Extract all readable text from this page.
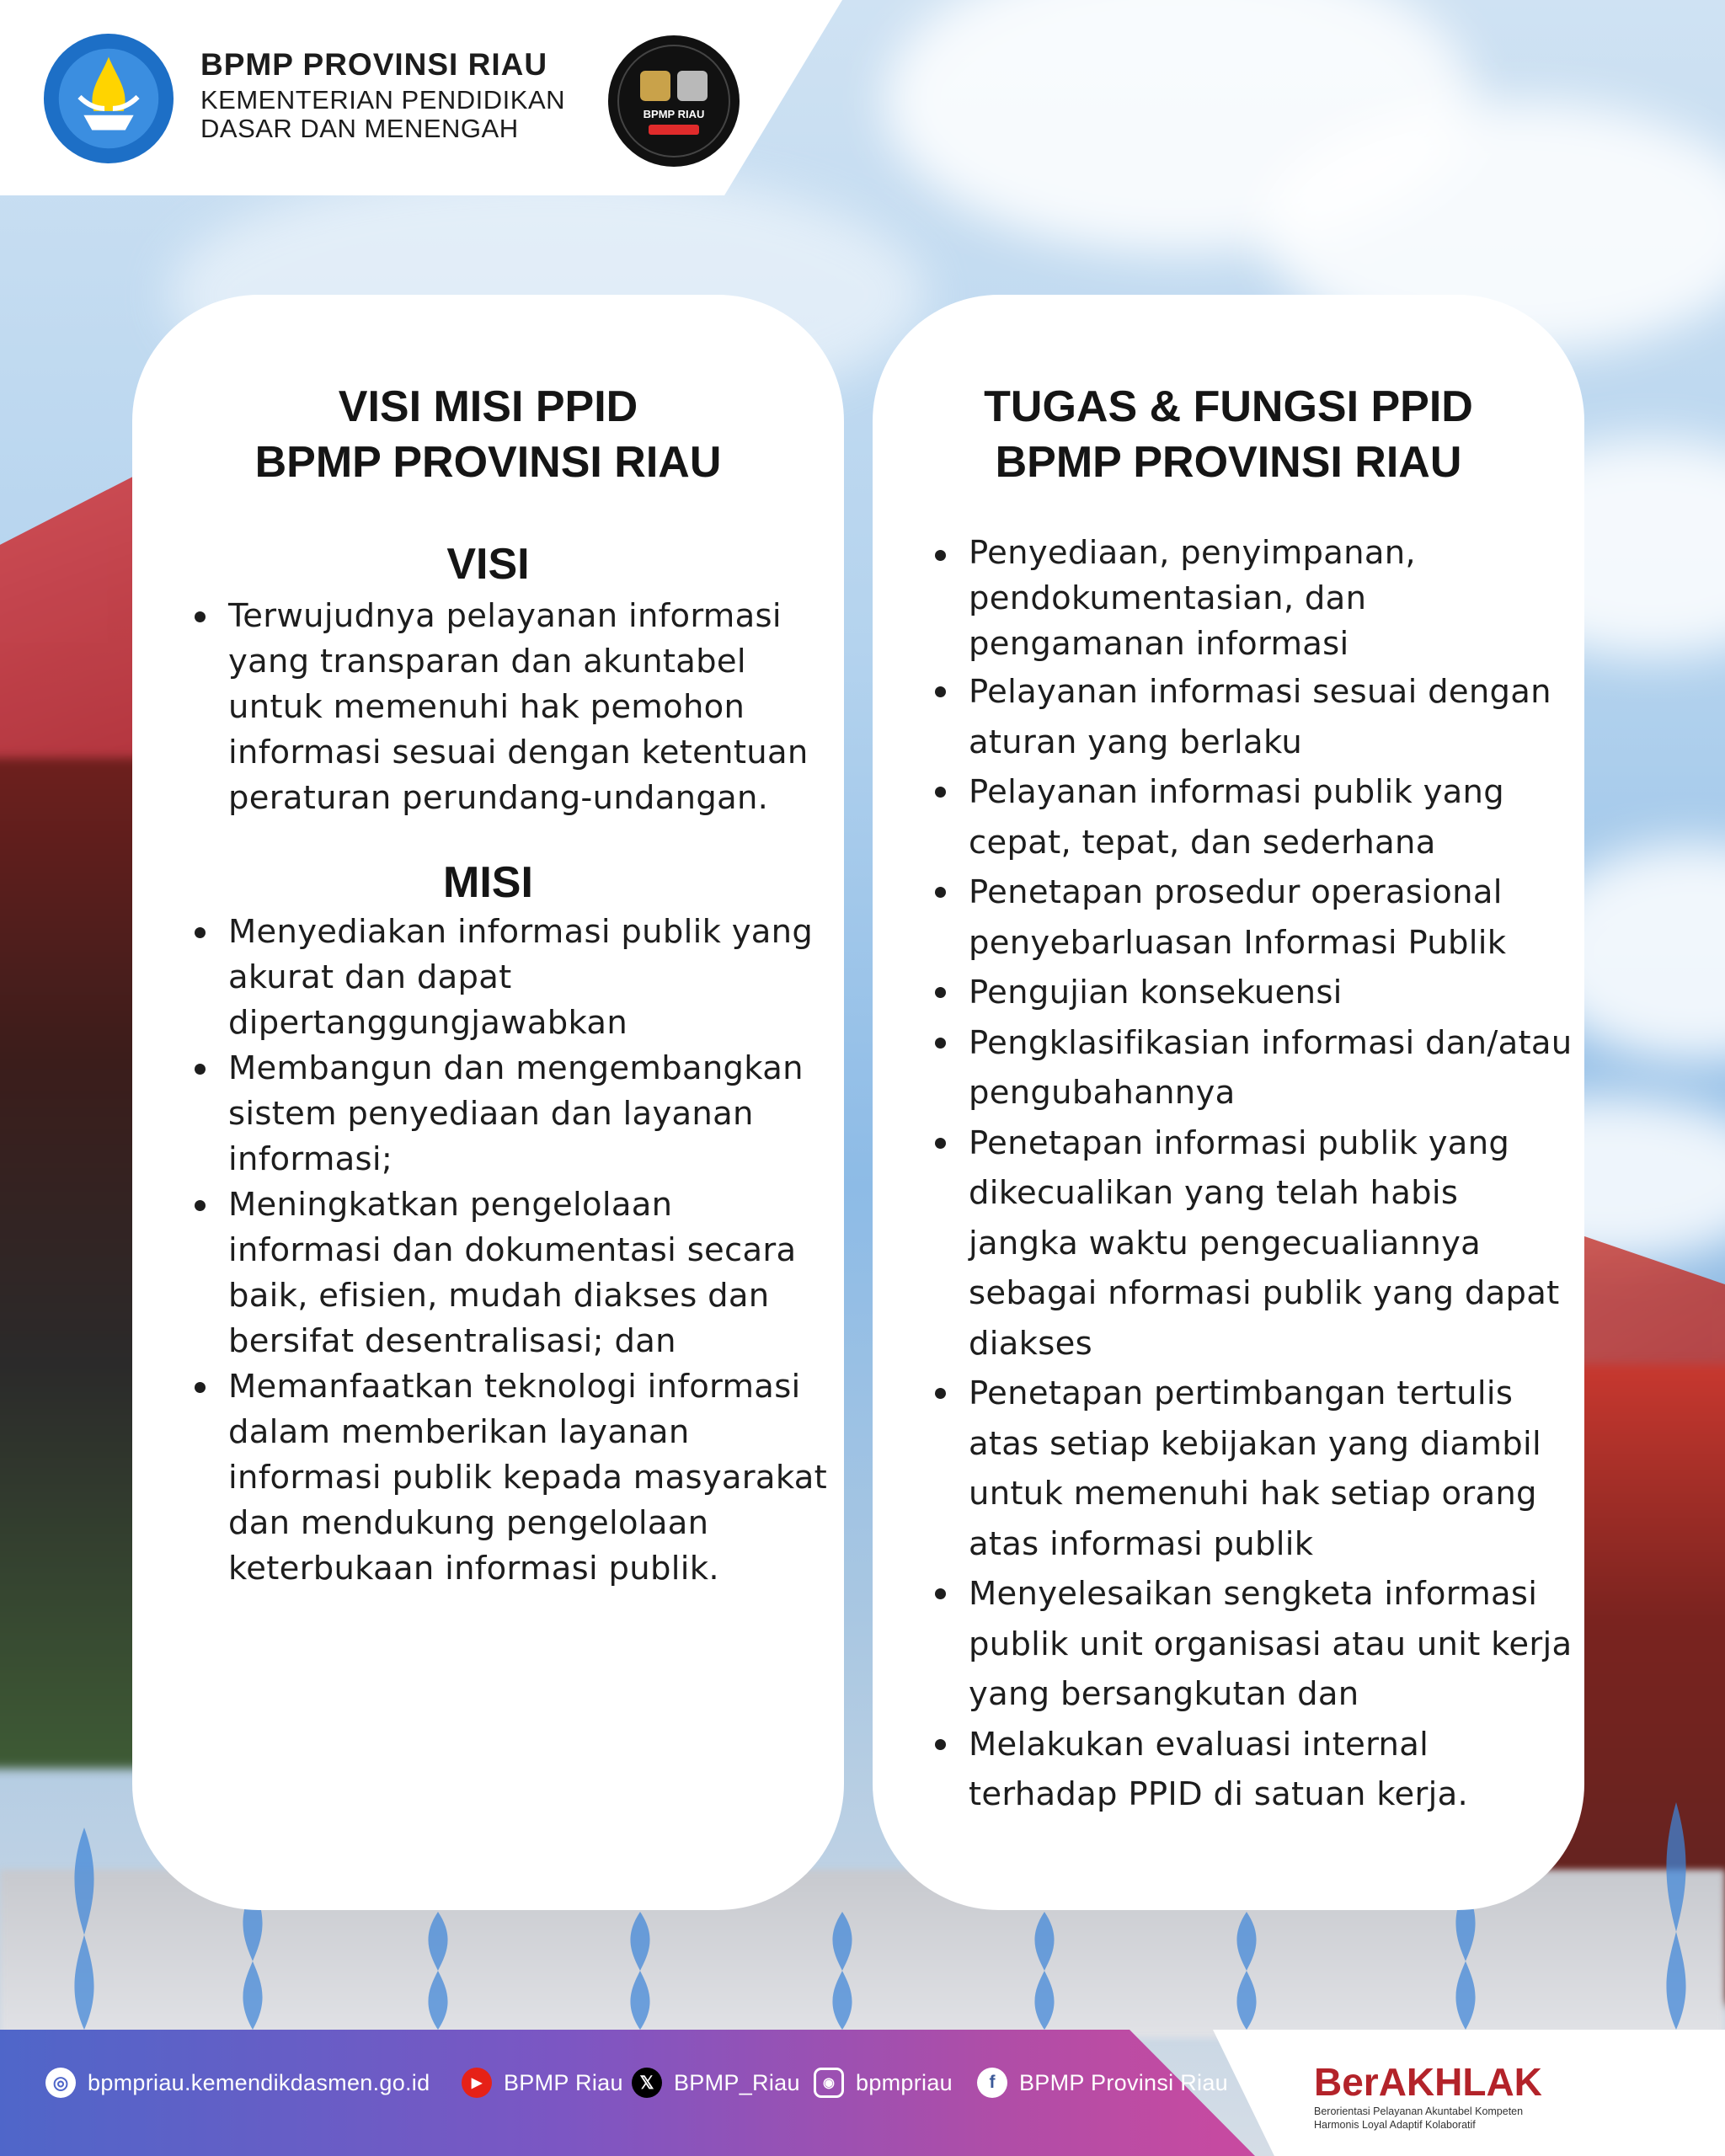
BPMP PROVINSI RIAU
KEMENTERIAN PENDIDIKAN
DASAR DAN MENENGAH	BPMP RIAU
VISI MISI PPID
BPMP PROVINSI RIAU
VISI
Terwujudnya pelayanan informasi yang transparan dan akuntabel untuk memenuhi hak pemohon informasi sesuai dengan ketentuan peraturan perundang-undangan.
MISI
Menyediakan informasi publik yang akurat dan dapat dipertanggungjawabkan
Membangun dan mengembangkan sistem penyediaan dan layanan informasi;
Meningkatkan pengelolaan informasi dan dokumentasi secara baik, efisien, mudah diakses dan bersifat desentralisasi; dan
Memanfaatkan teknologi informasi dalam memberikan layanan informasi publik kepada masyarakat dan mendukung pengelolaan keterbukaan informasi publik.
TUGAS & FUNGSI PPID
BPMP PROVINSI RIAU
Penyediaan, penyimpanan, pendokumentasian, dan pengamanan informasi
Pelayanan informasi sesuai dengan aturan yang berlaku
Pelayanan informasi publik yang cepat, tepat, dan sederhana
Penetapan prosedur operasional penyebarluasan Informasi Publik
Pengujian konsekuensi
Pengklasifikasian informasi dan/atau pengubahannya
Penetapan informasi publik yang dikecualikan yang telah habis jangka waktu pengecualiannya sebagai nformasi publik yang dapat diakses
Penetapan pertimbangan tertulis atas setiap kebijakan yang diambil untuk memenuhi hak setiap orang atas informasi publik
Menyelesaikan sengketa informasi publik unit organisasi atau unit kerja yang bersangkutan dan
Melakukan evaluasi internal terhadap PPID di satuan kerja.
◎ bpmpriau.kemendikdasmen.go.id	▶ BPMP Riau 𝕏 BPMP_Riau	◉ bpmpriau	f	BPMP Provinsi Riau BerAKHLAK
Berorientasi Pelayanan Akuntabel Kompeten
Harmonis Loyal Adaptif Kolaboratif
